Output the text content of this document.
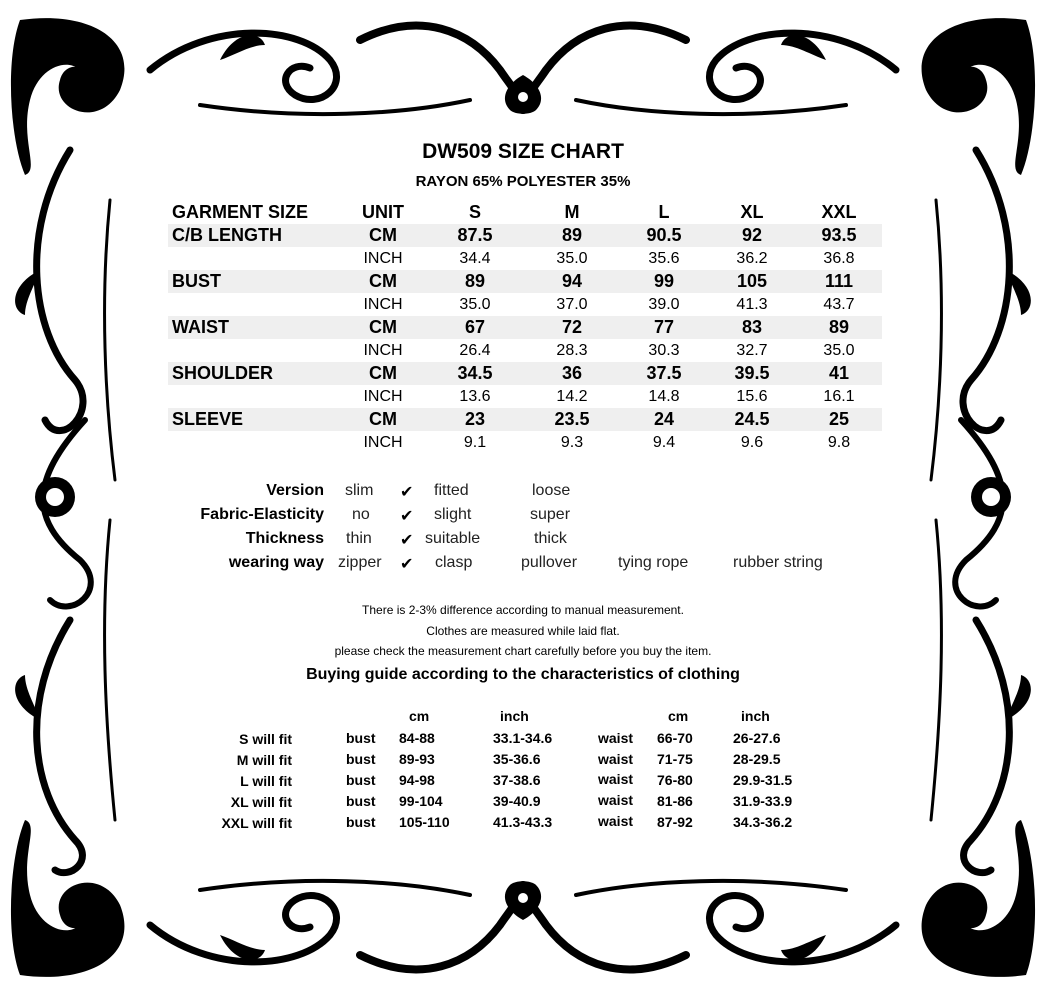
DW509 SIZE CHART
RAYON 65% POLYESTER 35%
GARMENT SIZE	UNIT	S	M	L	XL	XXL
C/B LENGTH	CM	87.5	89	90.5	92	93.5
	INCH	34.4	35.0	35.6	36.2	36.8
BUST	CM	89	94	99	105	111
	INCH	35.0	37.0	39.0	41.3	43.7
WAIST	CM	67	72	77	83	89
	INCH	26.4	28.3	30.3	32.7	35.0
SHOULDER	CM	34.5	36	37.5	39.5	41
	INCH	13.6	14.2	14.8	15.6	16.1
SLEEVE	CM	23	23.5	24	24.5	25
	INCH	9.1	9.3	9.4	9.6	9.8
Version slim ✔ fitted	loose
Fabric-Elasticity no ✔ slight	super
Thickness thin ✔ suitable	thick
wearing way zipper ✔ clasp	pullover	tying rope	rubber string
There is 2-3% difference according to manual measurement.
Clothes are measured while laid flat.
please check the measurement chart carefully before you buy the item.
Buying guide according to the characteristics of clothing
cm	inch	cm	inch
S will fit	bust 84-88	33.1-34.6	waist 66-70	26-27.6
M will fit	bust 89-93	35-36.6	waist 71-75	28-29.5
L will fit	bust 94-98	37-38.6	waist 76-80	29.9-31.5
XL will fit	bust 99-104	39-40.9	waist 81-86	31.9-33.9
XXL will fit	bust 105-110	41.3-43.3	waist 87-92	34.3-36.2
